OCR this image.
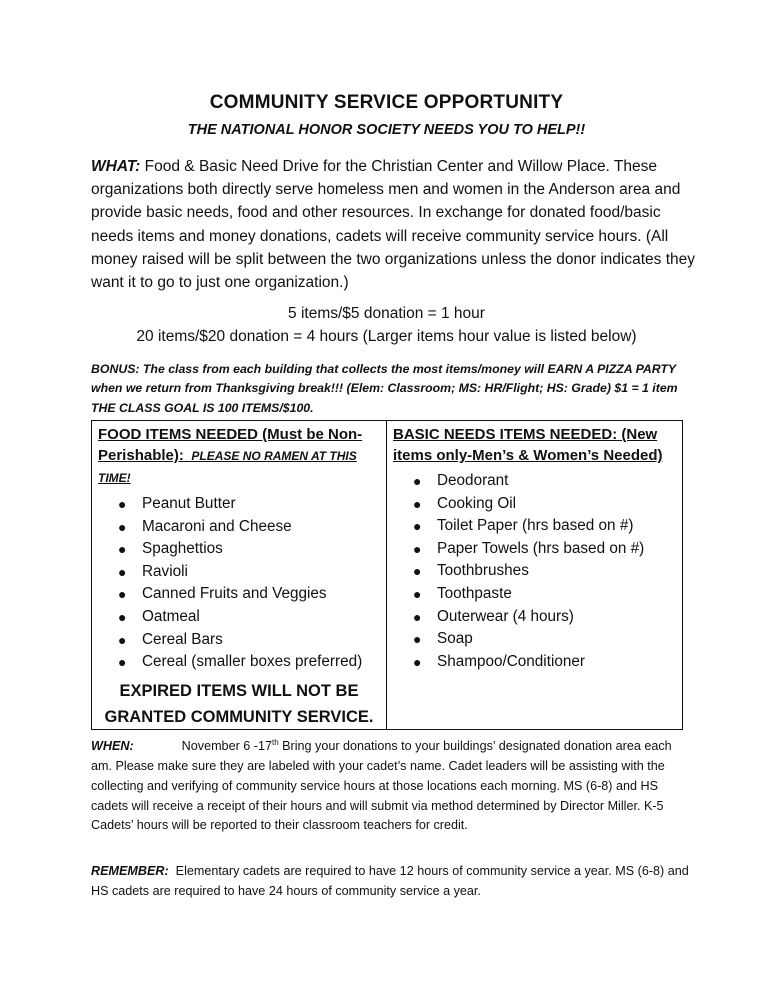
COMMUNITY SERVICE OPPORTUNITY
THE NATIONAL HONOR SOCIETY NEEDS YOU TO HELP!!
WHAT: Food & Basic Need Drive for the Christian Center and Willow Place. These organizations both directly serve homeless men and women in the Anderson area and provide basic needs, food and other resources. In exchange for donated food/basic needs items and money donations, cadets will receive community service hours. (All money raised will be split between the two organizations unless the donor indicates they want it to go to just one organization.)
5 items/$5 donation = 1 hour
20 items/$20 donation = 4 hours (Larger items hour value is listed below)
BONUS: The class from each building that collects the most items/money will EARN A PIZZA PARTY when we return from Thanksgiving break!!! (Elem: Classroom; MS: HR/Flight; HS: Grade) $1 = 1 item THE CLASS GOAL IS 100 ITEMS/$100.
FOOD ITEMS NEEDED (Must be Non-Perishable): PLEASE NO RAMEN AT THIS TIME!
● Peanut Butter
● Macaroni and Cheese
● Spaghettios
● Ravioli
● Canned Fruits and Veggies
● Oatmeal
● Cereal Bars
● Cereal (smaller boxes preferred)
EXPIRED ITEMS WILL NOT BE GRANTED COMMUNITY SERVICE.
BASIC NEEDS ITEMS NEEDED: (New items only-Men’s & Women’s Needed)
● Deodorant
● Cooking Oil
● Toilet Paper (hrs based on #)
● Paper Towels (hrs based on #)
● Toothbrushes
● Toothpaste
● Outerwear (4 hours)
● Soap
● Shampoo/Conditioner
WHEN:	November 6 -17th Bring your donations to your buildings’ designated donation area each am. Please make sure they are labeled with your cadet’s name. Cadet leaders will be assisting with the collecting and verifying of community service hours at those locations each morning. MS (6-8) and HS cadets will receive a receipt of their hours and will submit via method determined by Director Miller. K-5 Cadets’ hours will be reported to their classroom teachers for credit.
REMEMBER: Elementary cadets are required to have 12 hours of community service a year. MS (6-8) and HS cadets are required to have 24 hours of community service a year.
